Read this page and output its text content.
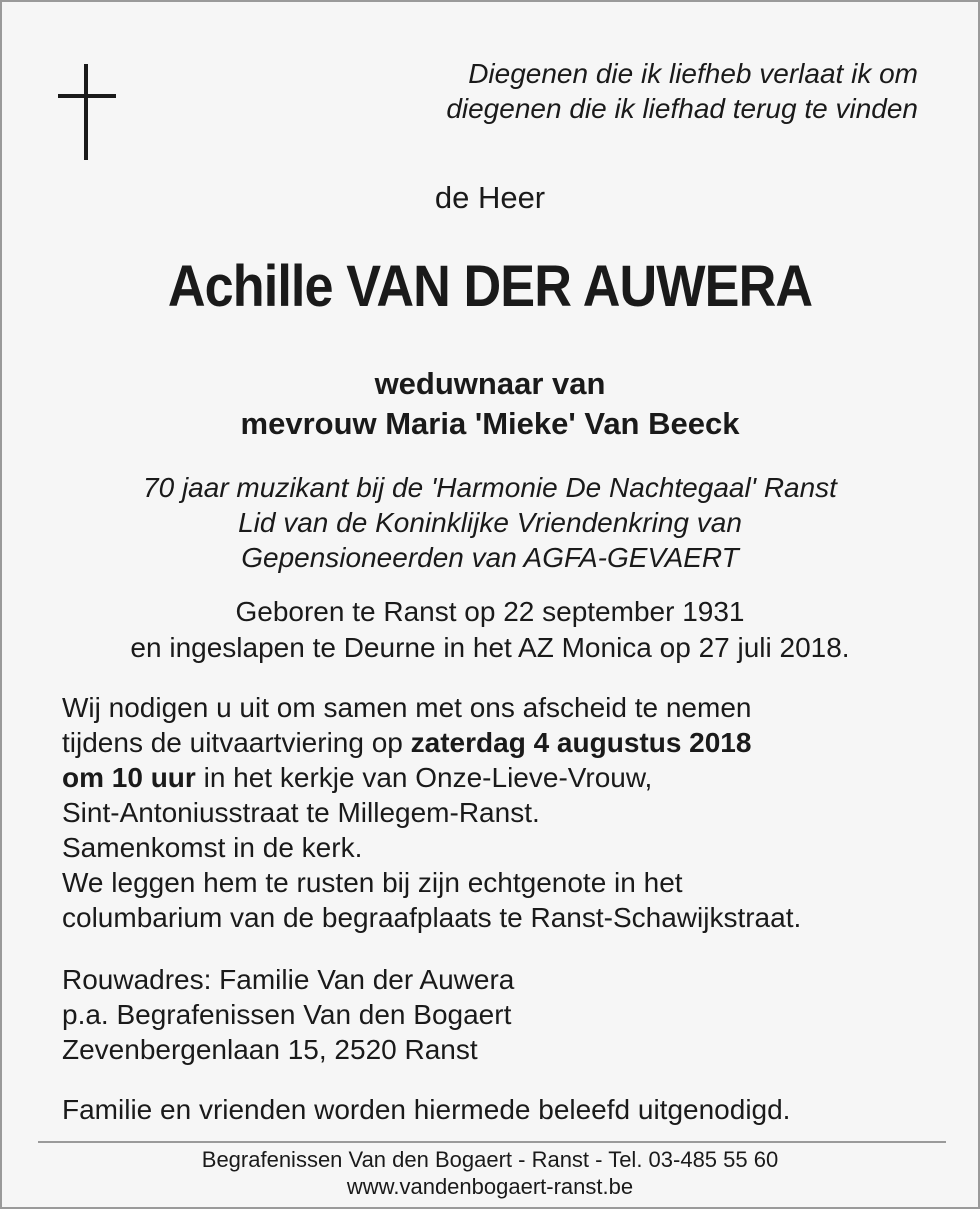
Diegenen die ik liefheb verlaat ik om
diegenen die ik liefhad terug te vinden
de Heer
Achille VAN DER AUWERA
weduwnaar van
mevrouw Maria 'Mieke' Van Beeck
70 jaar muzikant bij de 'Harmonie De Nachtegaal' Ranst
Lid van de Koninklijke Vriendenkring van
Gepensioneerden van AGFA-GEVAERT
Geboren te Ranst op 22 september 1931
en ingeslapen te Deurne in het AZ Monica op 27 juli 2018.
Wij nodigen u uit om samen met ons afscheid te nemen
tijdens de uitvaartviering op zaterdag 4 augustus 2018
om 10 uur in het kerkje van Onze-Lieve-Vrouw,
Sint-Antoniusstraat te Millegem-Ranst.
Samenkomst in de kerk.
We leggen hem te rusten bij zijn echtgenote in het
columbarium van de begraafplaats te Ranst-Schawijkstraat.
Rouwadres: Familie Van der Auwera
p.a. Begrafenissen Van den Bogaert
Zevenbergenlaan 15, 2520 Ranst
Familie en vrienden worden hiermede beleefd uitgenodigd.
Begrafenissen Van den Bogaert - Ranst - Tel. 03-485 55 60
www.vandenbogaert-ranst.be
